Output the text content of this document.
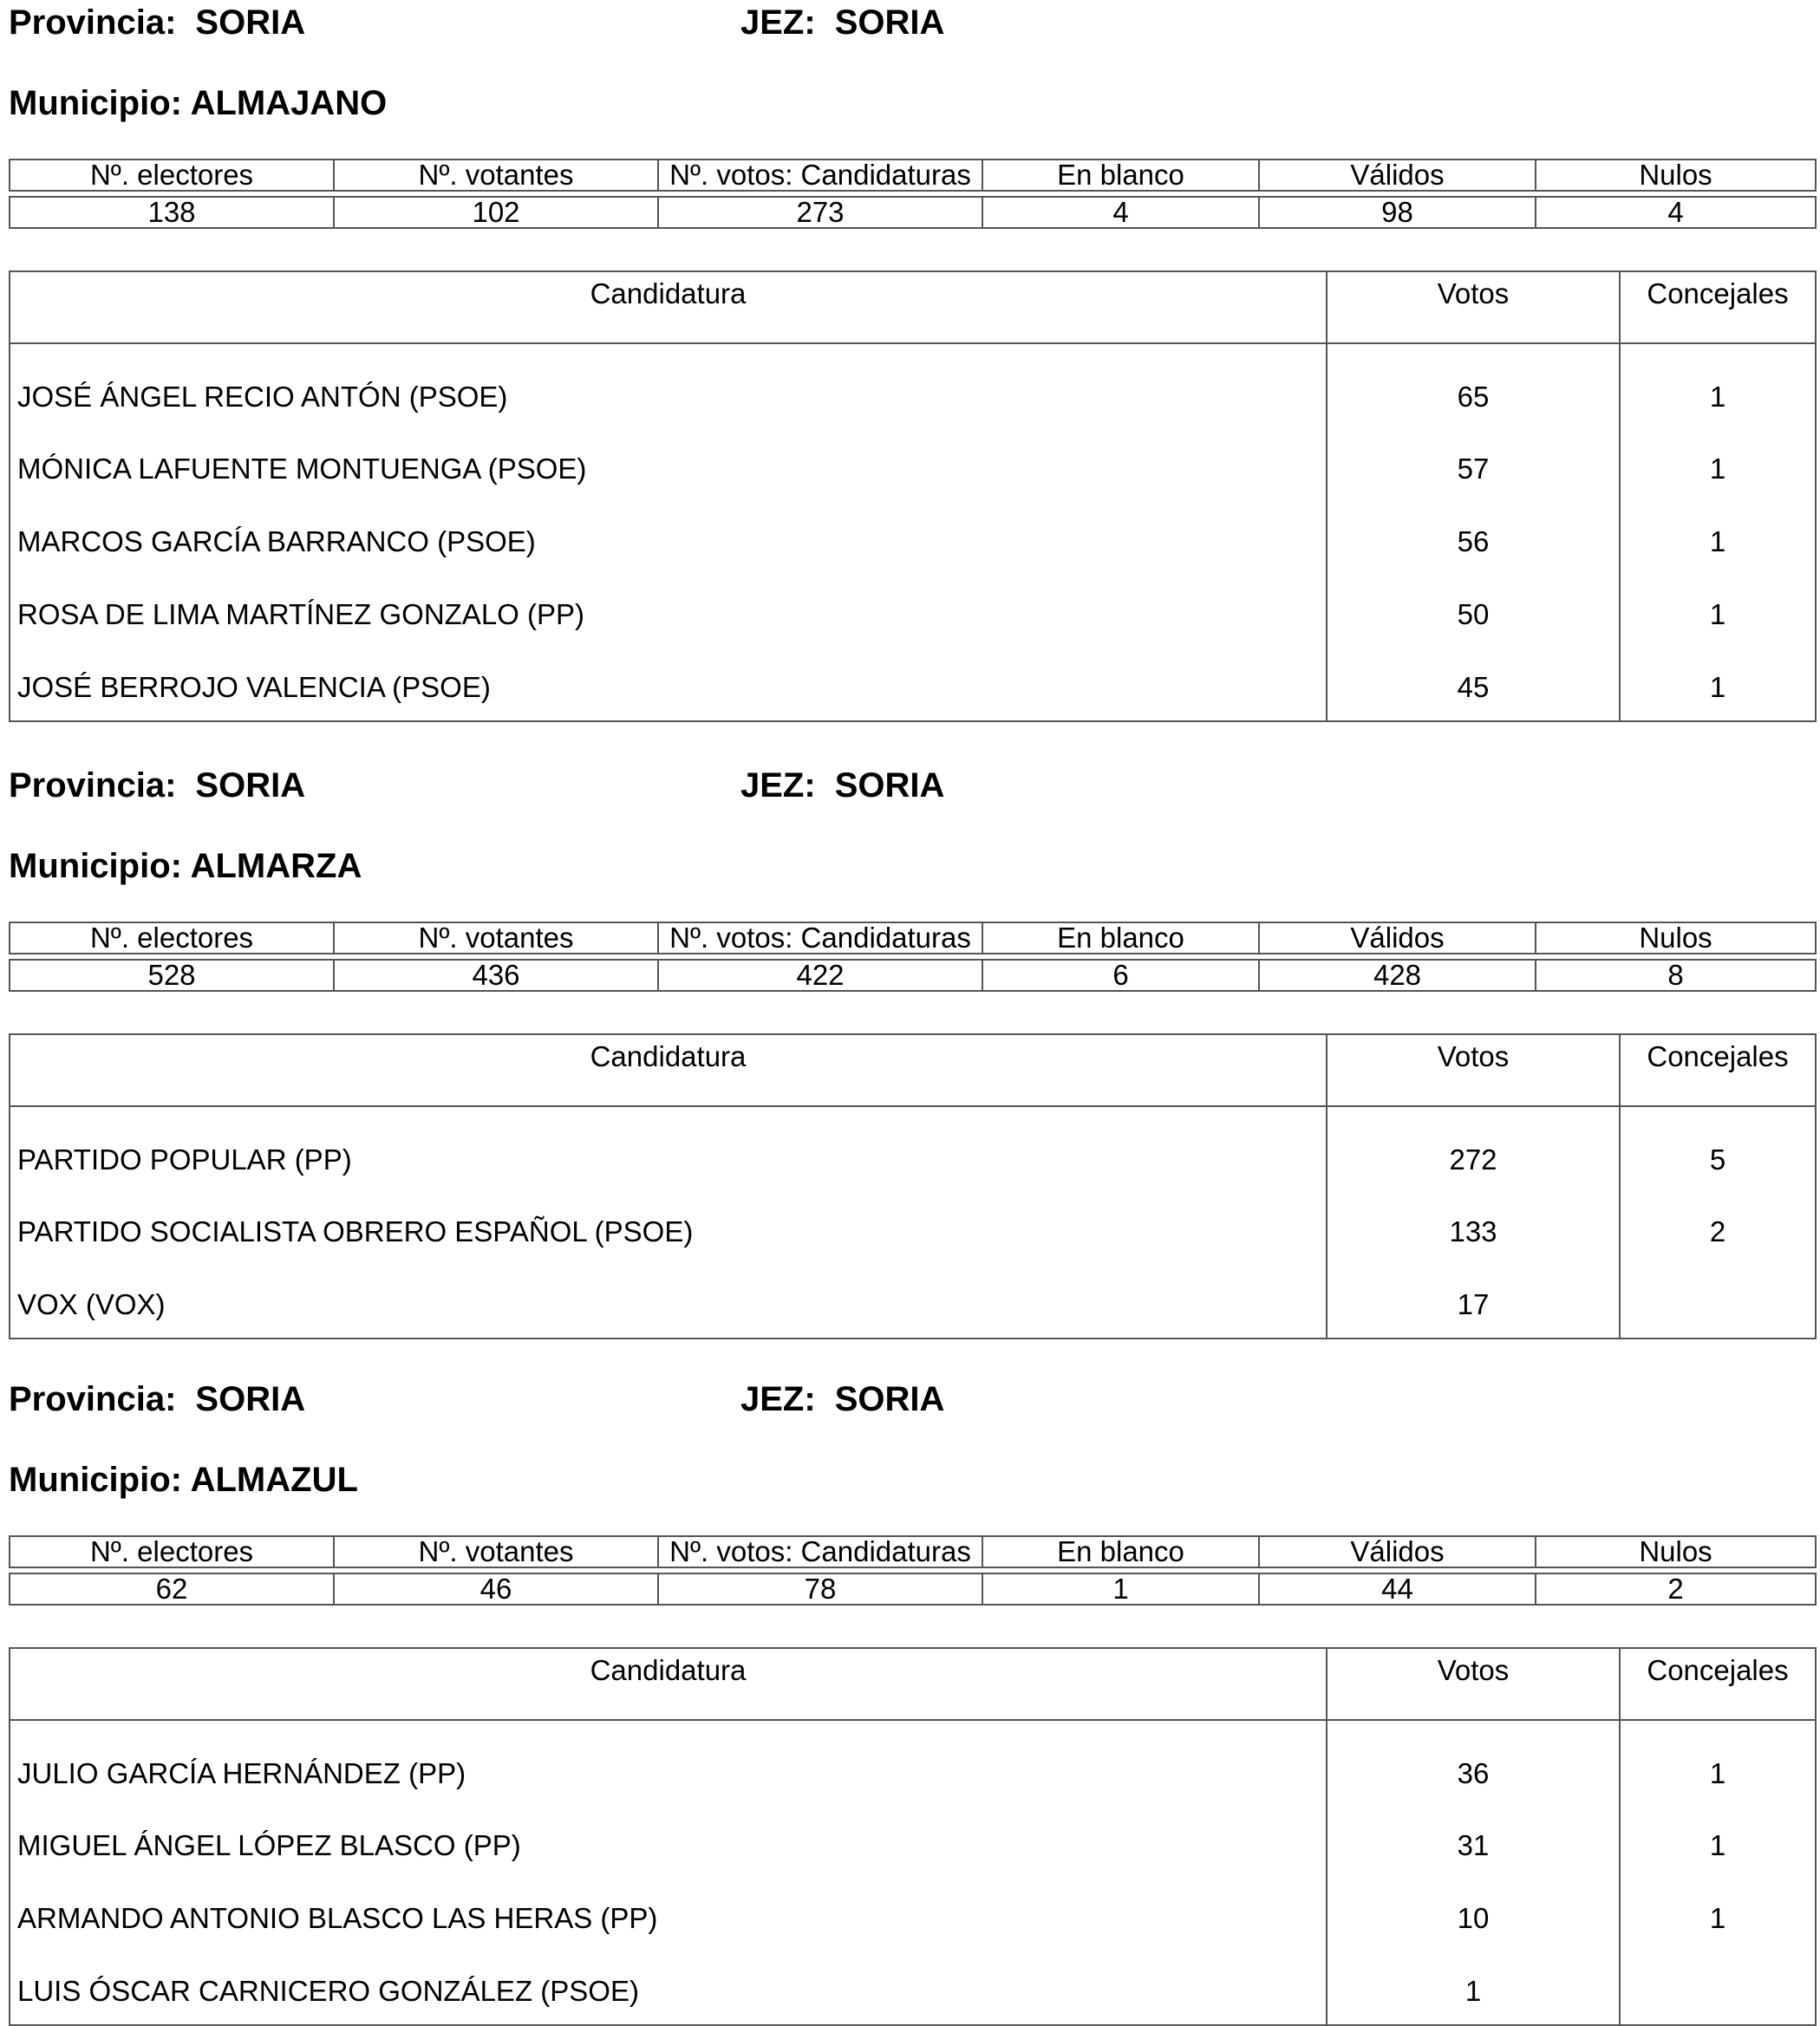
Provincia: SORIA	JEZ: SORIA
Municipio: ALMAJANO
Nº. electores	Nº. votantes	Nº. votos: Candidaturas	En blanco	Válidos	Nulos
138	102	273	4	98	4
Candidatura	Votos	Concejales
JOSÉ ÁNGEL RECIO ANTÓN (PSOE)	65	1
MÓNICA LAFUENTE MONTUENGA (PSOE)	57	1
MARCOS GARCÍA BARRANCO (PSOE)	56	1
ROSA DE LIMA MARTÍNEZ GONZALO (PP)	50	1
JOSÉ BERROJO VALENCIA (PSOE)	45	1
Provincia: SORIA	JEZ: SORIA
Municipio: ALMARZA
Nº. electores	Nº. votantes	Nº. votos: Candidaturas	En blanco	Válidos	Nulos
528	436	422	6	428	8
Candidatura	Votos	Concejales
PARTIDO POPULAR (PP)	272	5
PARTIDO SOCIALISTA OBRERO ESPAÑOL (PSOE)	133	2
VOX (VOX)	17	
Provincia: SORIA	JEZ: SORIA
Municipio: ALMAZUL
Nº. electores	Nº. votantes	Nº. votos: Candidaturas	En blanco	Válidos	Nulos
62	46	78	1	44	2
Candidatura	Votos	Concejales
JULIO GARCÍA HERNÁNDEZ (PP)	36	1
MIGUEL ÁNGEL LÓPEZ BLASCO (PP)	31	1
ARMANDO ANTONIO BLASCO LAS HERAS (PP)	10	1
LUIS ÓSCAR CARNICERO GONZÁLEZ (PSOE)	1	
